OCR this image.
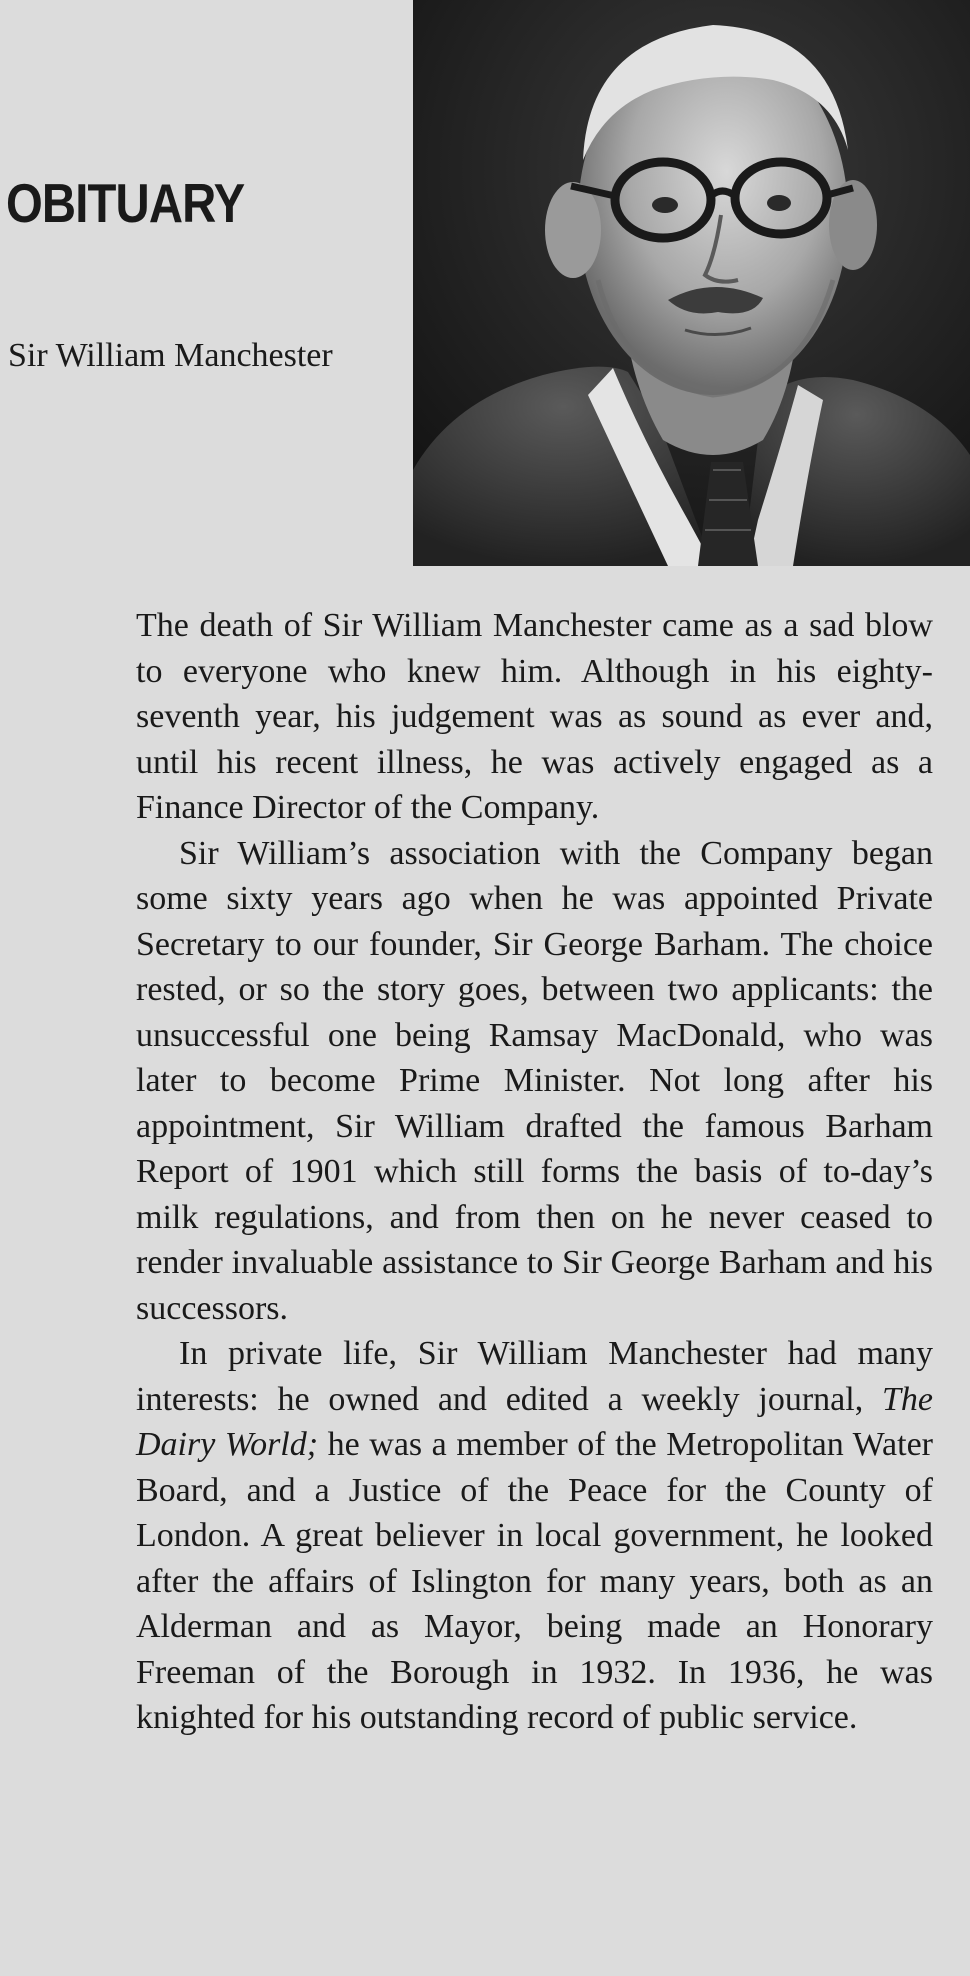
OBITUARY

Sir William Manchester

The death of Sir William Manchester came as a sad blow to everyone who knew him. Although in his eighty-seventh year, his judgement was as sound as ever and, until his recent illness, he was actively engaged as a Finance Director of the Company.

Sir William’s association with the Company began some sixty years ago when he was appointed Private Secretary to our founder, Sir George Barham. The choice rested, or so the story goes, between two applicants: the unsuccessful one being Ramsay MacDonald, who was later to become Prime Minister. Not long after his appointment, Sir William drafted the famous Barham Report of 1901 which still forms the basis of to-day’s milk regulations, and from then on he never ceased to render invaluable assistance to Sir George Barham and his successors.

In private life, Sir William Manchester had many interests: he owned and edited a weekly journal, The Dairy World; he was a member of the Metropolitan Water Board, and a Justice of the Peace for the County of London. A great believer in local government, he looked after the affairs of Islington for many years, both as an Alderman and as Mayor, being made an Honorary Freeman of the Borough in 1932. In 1936, he was knighted for his outstanding record of public service.
